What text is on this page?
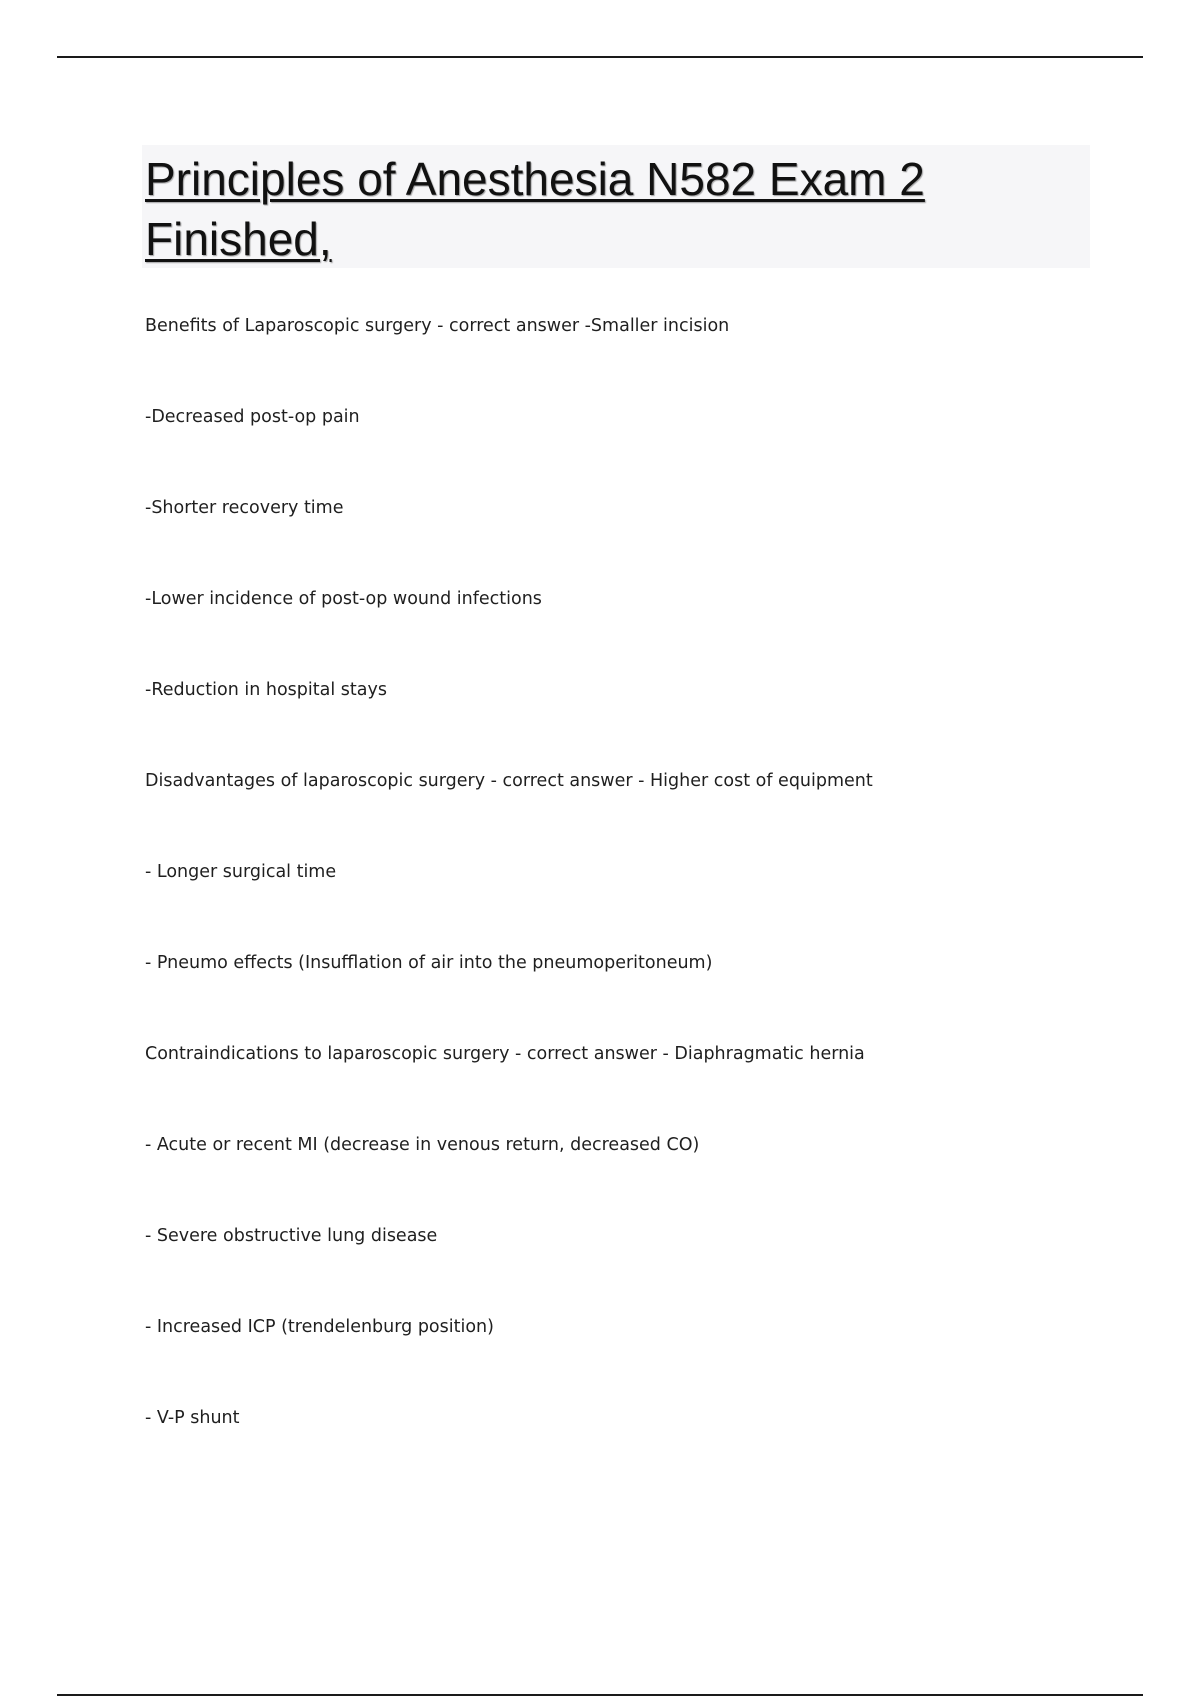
Principles of Anesthesia N582 Exam 2 Finished,
Benefits of Laparoscopic surgery - correct answer -Smaller incision
-Decreased post-op pain
-Shorter recovery time
-Lower incidence of post-op wound infections
-Reduction in hospital stays
Disadvantages of laparoscopic surgery - correct answer - Higher cost of equipment
- Longer surgical time
- Pneumo effects (Insufflation of air into the pneumoperitoneum)
Contraindications to laparoscopic surgery - correct answer - Diaphragmatic hernia
- Acute or recent MI (decrease in venous return, decreased CO)
- Severe obstructive lung disease
- Increased ICP (trendelenburg position)
- V-P shunt
